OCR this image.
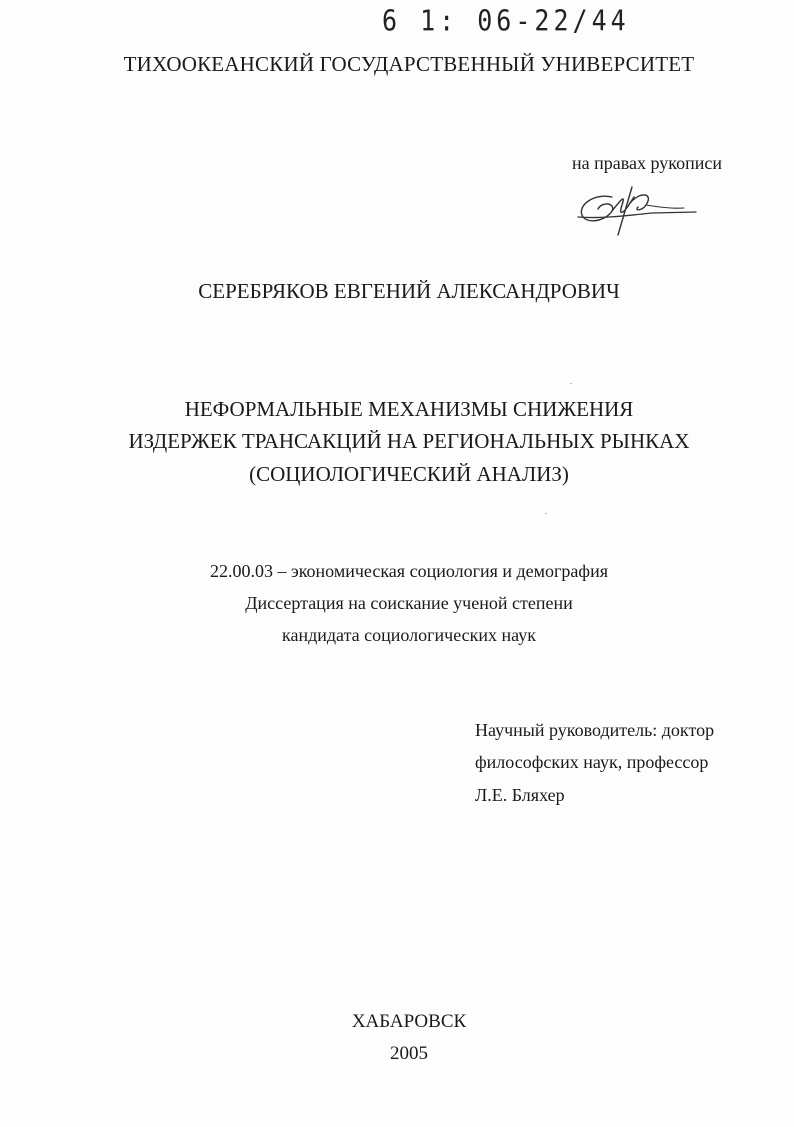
6 1: 06-22/44
ТИХООКЕАНСКИЙ ГОСУДАРСТВЕННЫЙ УНИВЕРСИТЕТ
на правах рукописи
СЕРЕБРЯКОВ ЕВГЕНИЙ АЛЕКСАНДРОВИЧ
НЕФОРМАЛЬНЫЕ МЕХАНИЗМЫ СНИЖЕНИЯ
ИЗДЕРЖЕК ТРАНСАКЦИЙ НА РЕГИОНАЛЬНЫХ РЫНКАХ
(СОЦИОЛОГИЧЕСКИЙ АНАЛИЗ)
22.00.03 – экономическая социология и демография
Диссертация на соискание ученой степени
кандидата социологических наук
Научный руководитель: доктор
философских наук, профессор
Л.Е. Бляхер
ХАБАРОВСК
2005
